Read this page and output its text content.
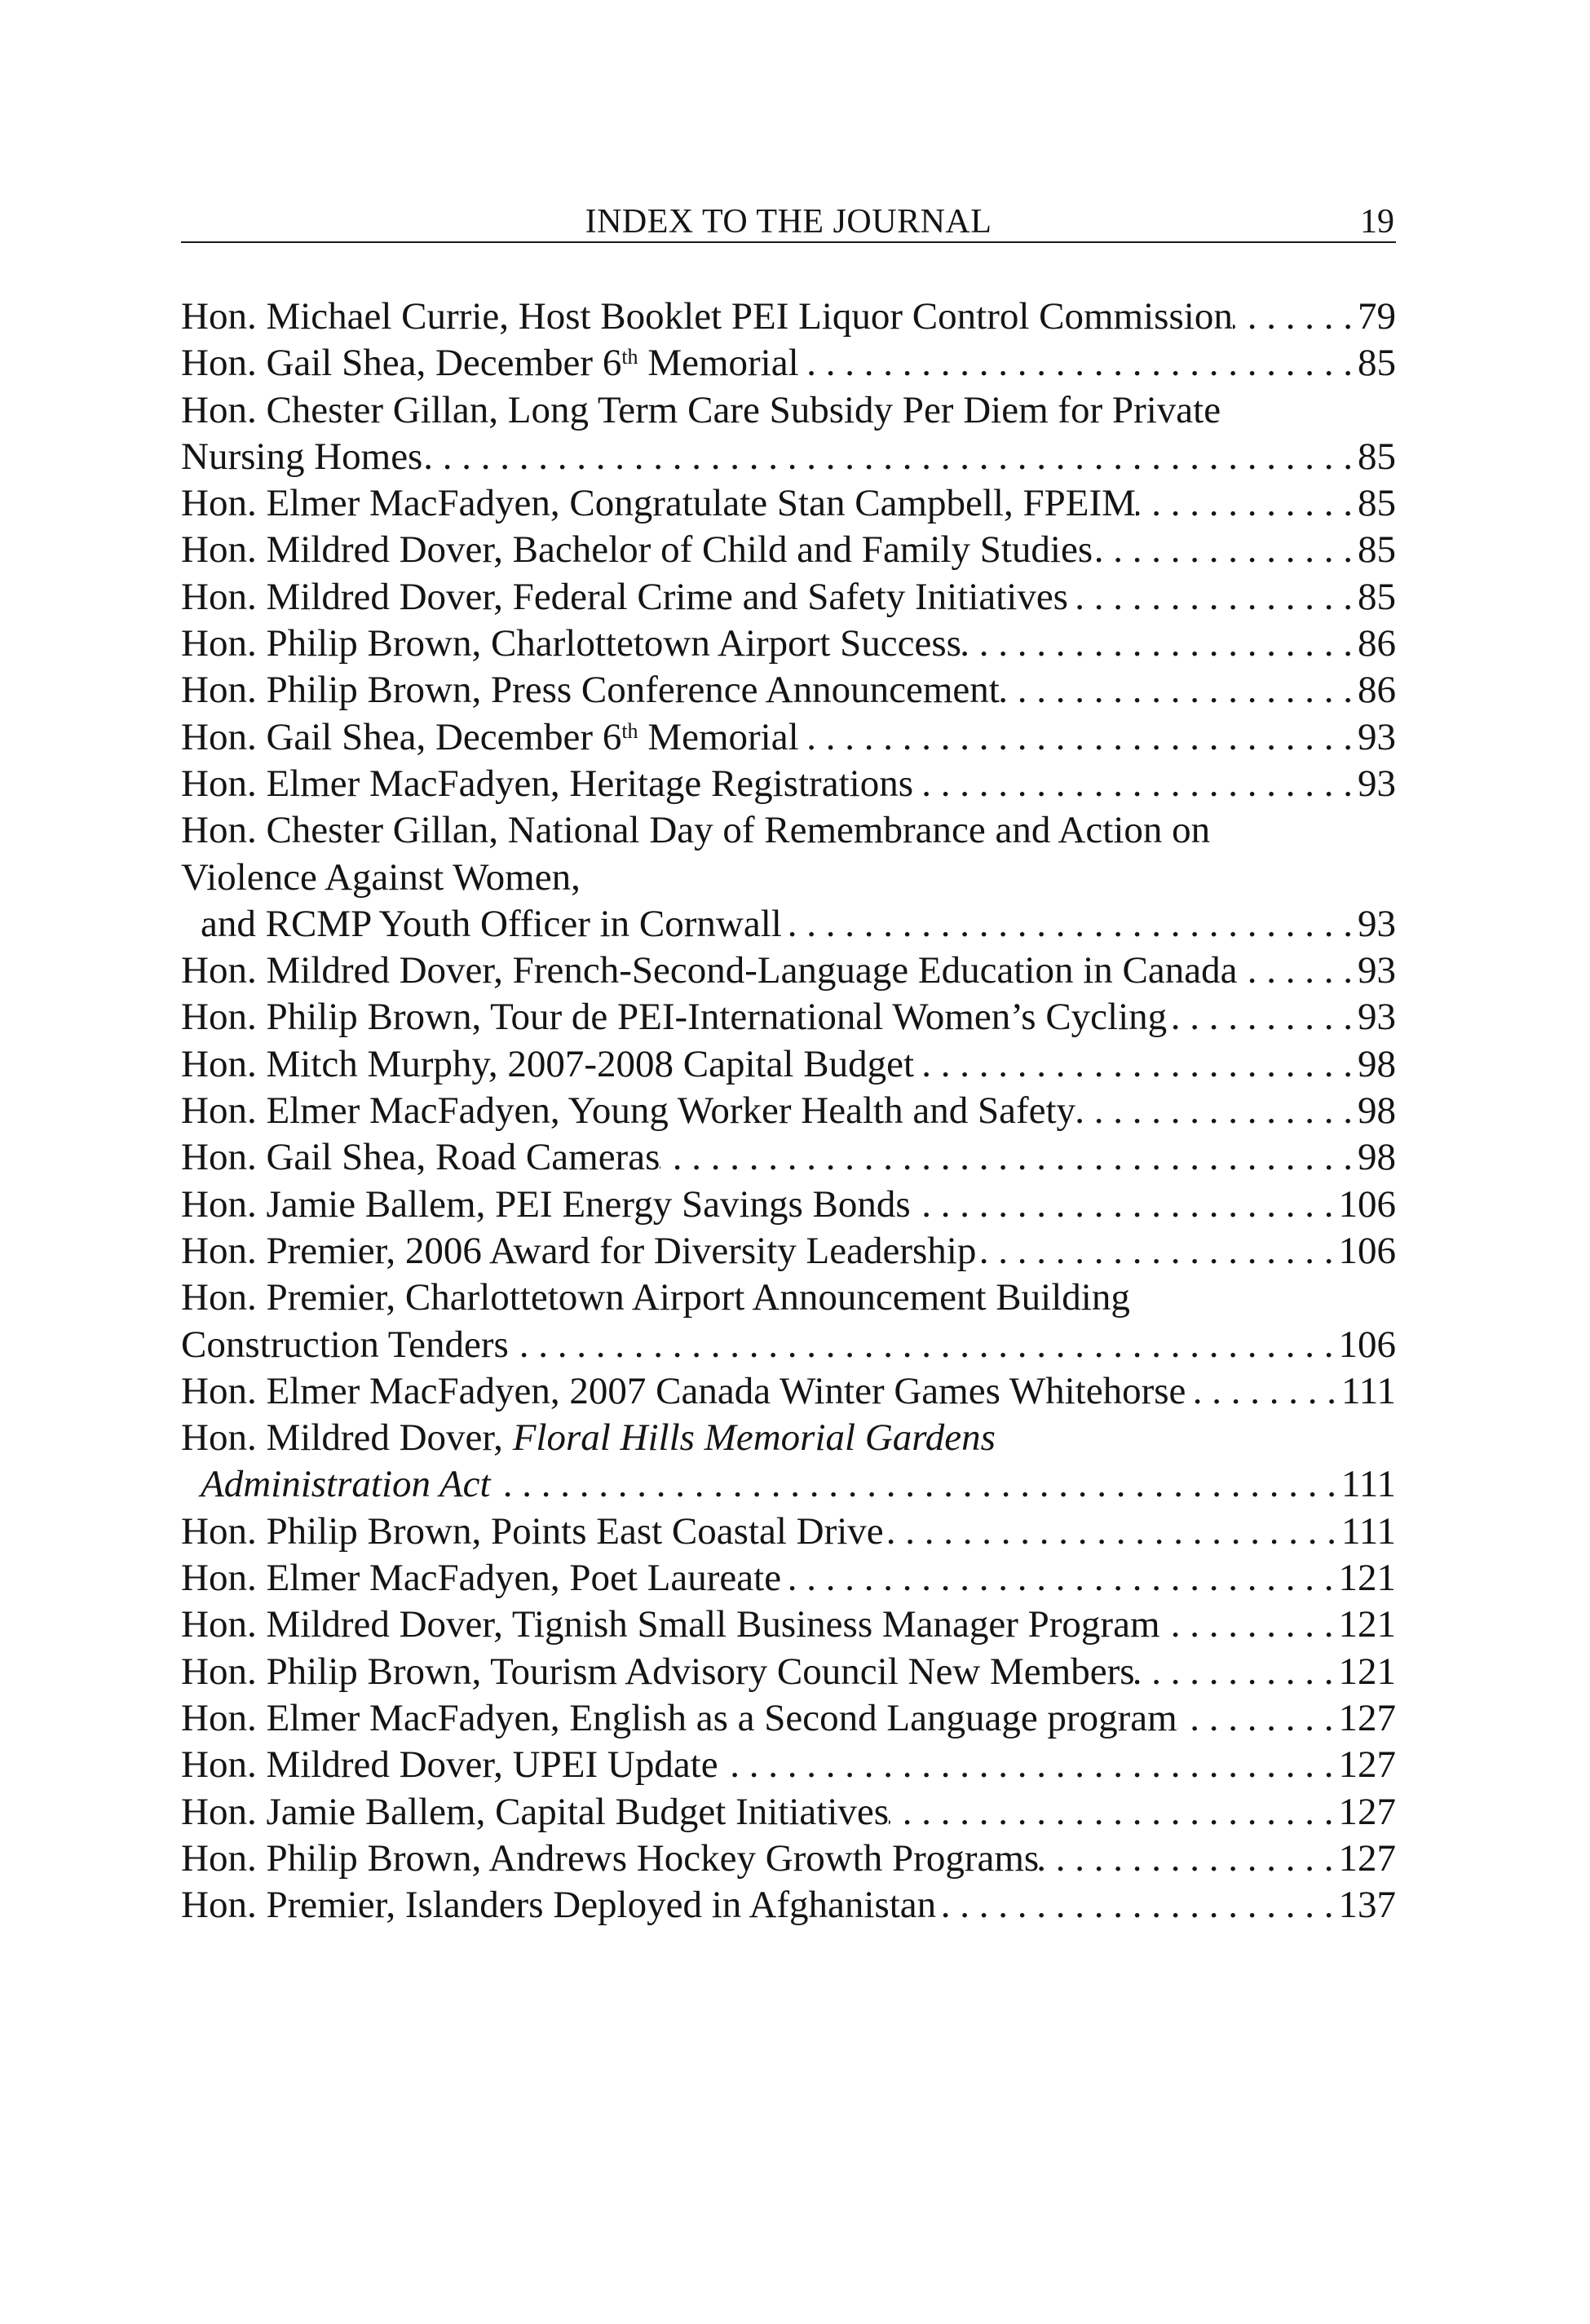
INDEX TO THE JOURNAL	19
Hon. Michael Currie, Host Booklet PEI Liquor Control Commission . . .	79
Hon. Gail Shea, December 6th Memorial . . .	85
Hon. Chester Gillan, Long Term Care Subsidy Per Diem for Private
Nursing Homes . . .	85
Hon. Elmer MacFadyen, Congratulate Stan Campbell, FPEIM . . .	85
Hon. Mildred Dover, Bachelor of Child and Family Studies . . .	85
Hon. Mildred Dover, Federal Crime and Safety Initiatives . . .	85
Hon. Philip Brown, Charlottetown Airport Success . . .	86
Hon. Philip Brown, Press Conference Announcement . . .	86
Hon. Gail Shea, December 6th Memorial . . .	93
Hon. Elmer MacFadyen, Heritage Registrations . . .	93
Hon. Chester Gillan, National Day of Remembrance and Action on
Violence Against Women,
and RCMP Youth Officer in Cornwall . . .	93
Hon. Mildred Dover, French-Second-Language Education in Canada . . .	93
Hon. Philip Brown, Tour de PEI-International Women’s Cycling . . .	93
Hon. Mitch Murphy, 2007-2008 Capital Budget . . .	98
Hon. Elmer MacFadyen, Young Worker Health and Safety . . .	98
Hon. Gail Shea, Road Cameras . . .	98
Hon. Jamie Ballem, PEI Energy Savings Bonds . . .	106
Hon. Premier, 2006 Award for Diversity Leadership . . .	106
Hon. Premier, Charlottetown Airport Announcement Building
Construction Tenders . . .	106
Hon. Elmer MacFadyen, 2007 Canada Winter Games Whitehorse . . .	111
Hon. Mildred Dover, Floral Hills Memorial Gardens
Administration Act . . .	111
Hon. Philip Brown, Points East Coastal Drive . . .	111
Hon. Elmer MacFadyen, Poet Laureate . . .	121
Hon. Mildred Dover, Tignish Small Business Manager Program . . .	121
Hon. Philip Brown, Tourism Advisory Council New Members . . .	121
Hon. Elmer MacFadyen, English as a Second Language program . . .	127
Hon. Mildred Dover, UPEI Update . . .	127
Hon. Jamie Ballem, Capital Budget Initiatives . . .	127
Hon. Philip Brown, Andrews Hockey Growth Programs . . .	127
Hon. Premier, Islanders Deployed in Afghanistan . . .	137
